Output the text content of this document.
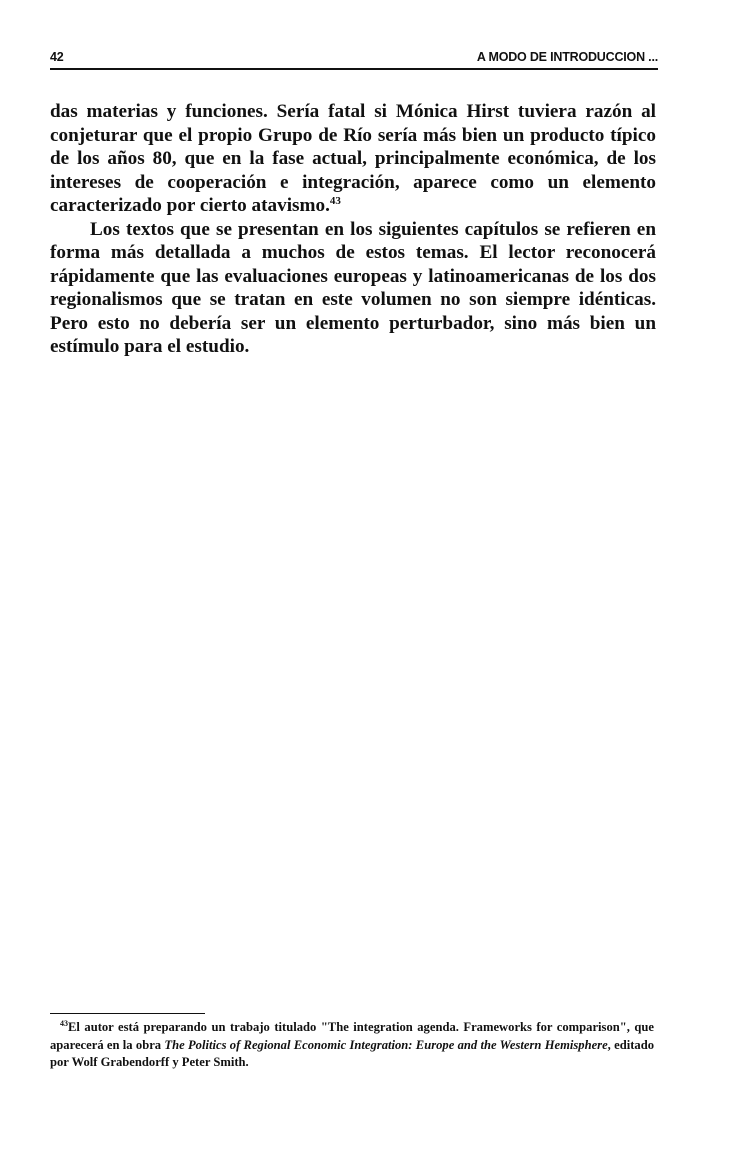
42	A MODO DE INTRODUCCION ...

das materias y funciones. Sería fatal si Mónica Hirst tuviera razón al conjeturar que el propio Grupo de Río sería más bien un producto típico de los años 80, que en la fase actual, principalmente económica, de los intereses de cooperación e integración, aparece como un elemento caracterizado por cierto atavismo.$^{43}$

Los textos que se presentan en los siguientes capítulos se refieren en forma más detallada a muchos de estos temas. El lector reconocerá rápidamente que las evaluaciones europeas y latinoamericanas de los dos regionalismos que se tratan en este volumen no son siempre idénticas. Pero esto no debería ser un elemento perturbador, sino más bien un estímulo para el estudio.

$^{43}$El autor está preparando un trabajo titulado "The integration agenda. Frameworks for comparison", que aparecerá en la obra The Politics of Regional Economic Integration: Europe and the Western Hemisphere, editado por Wolf Grabendorff y Peter Smith.
